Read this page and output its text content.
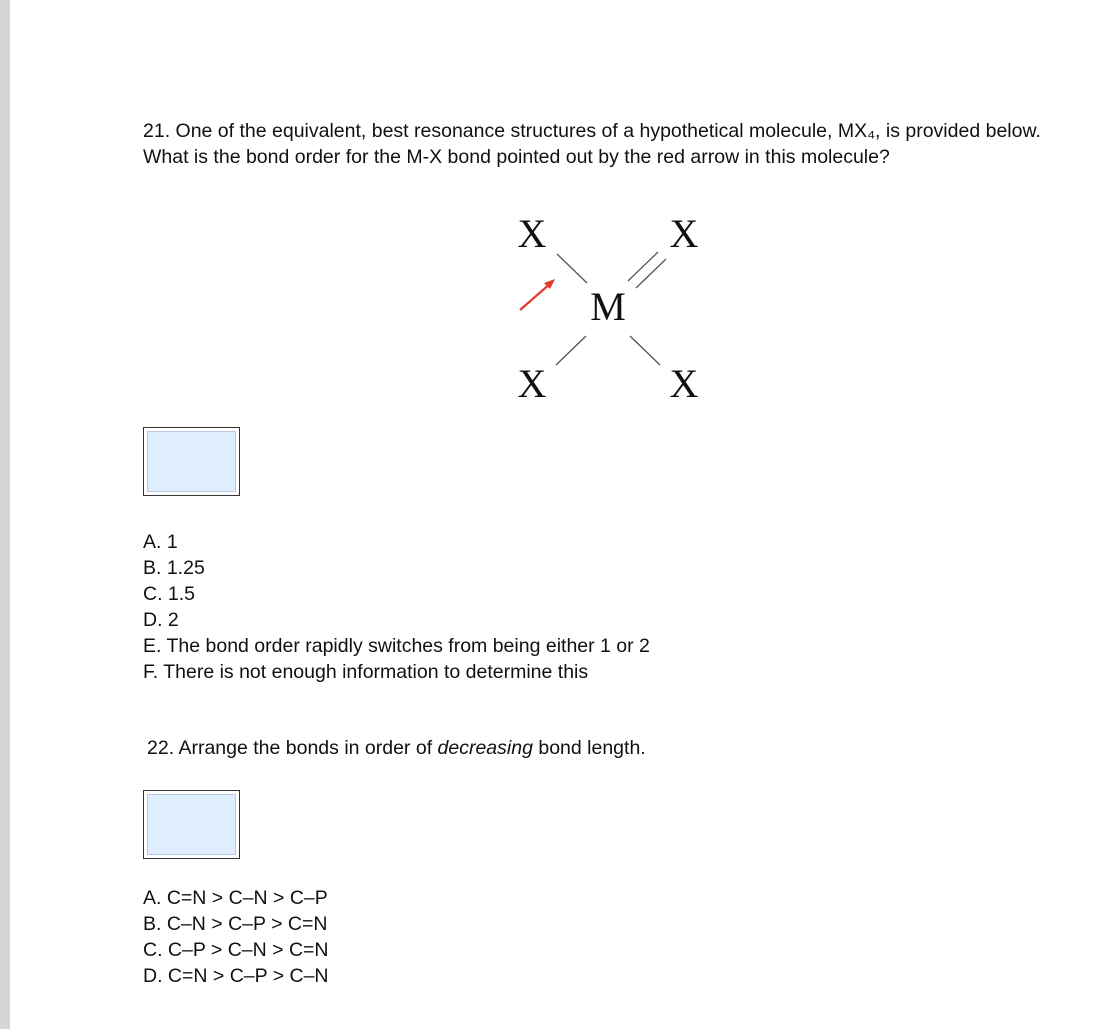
21. One of the equivalent, best resonance structures of a hypothetical molecule, MX₄, is provided below. What is the bond order for the M-X bond pointed out by the red arrow in this molecule?
X	X
M
X	X
A. 1
B. 1.25
C. 1.5
D. 2
E. The bond order rapidly switches from being either 1 or 2
F. There is not enough information to determine this
22. Arrange the bonds in order of decreasing bond length.
A. C=N > C–N > C–P
B. C–N > C–P > C=N
C. C–P > C–N > C=N
D. C=N > C–P > C–N
